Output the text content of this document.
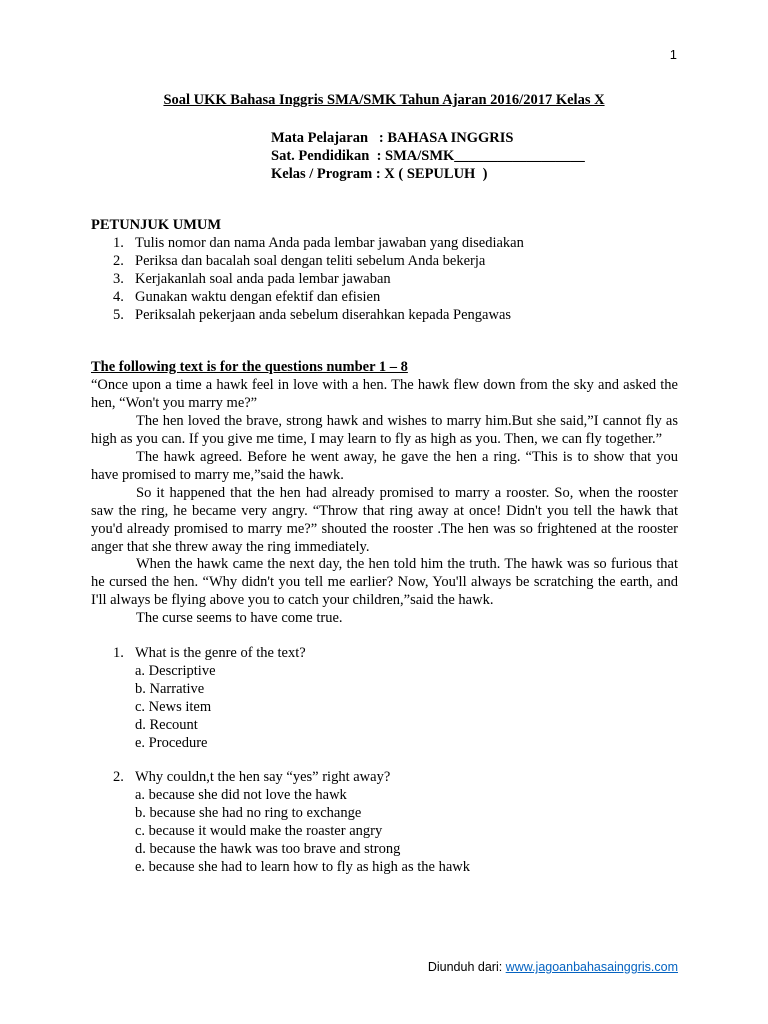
1
Soal UKK Bahasa Inggris SMA/SMK Tahun Ajaran 2016/2017 Kelas X
Mata Pelajaran   : BAHASA INGGRIS
Sat. Pendidikan  : SMA/SMK__________________
Kelas / Program : X ( SEPULUH  )
PETUNJUK UMUM
1. Tulis nomor dan nama Anda pada lembar jawaban yang disediakan
2. Periksa dan bacalah soal dengan teliti sebelum Anda bekerja
3. Kerjakanlah soal anda pada lembar jawaban
4. Gunakan waktu dengan efektif dan efisien
5. Periksalah pekerjaan anda sebelum diserahkan kepada Pengawas
The following text is for the questions number 1 – 8

“Once upon a time a hawk feel in love with a hen. The hawk flew down from the sky and asked the hen, “Won't you marry me?”

The hen loved the brave, strong hawk and wishes to marry him.But she said,”I cannot fly as high as you can. If you give me time, I may learn to fly as high as you. Then, we can fly together.”

The hawk agreed. Before he went away, he gave the hen a ring. “This is to show that you have promised to marry me,”said the hawk.

So it happened that the hen had already promised to marry a rooster. So, when the rooster saw the ring, he became very angry. “Throw that ring away at once! Didn't you tell the hawk that you'd already promised to marry me?” shouted the rooster .The hen was so frightened at the rooster anger that she threw away the ring immediately.

When the hawk came the next day, the hen told him the truth. The hawk was so furious that he cursed the hen. “Why didn't you tell me earlier? Now, You'll always be scratching the earth, and I'll always be flying above you to catch your children,”said the hawk.

The curse seems to have come true.

1. What is the genre of the text?
a. Descriptive
b. Narrative
c. News item
d. Recount
e. Procedure
2. Why couldn,t the hen say “yes” right away?
a. because she did not love the hawk
b. because she had no ring to exchange
c. because it would make the roaster angry
d. because the hawk was too brave and strong
e. because she had to learn how to fly as high as the hawk
Diunduh dari: www.jagoanbahasainggris.com
